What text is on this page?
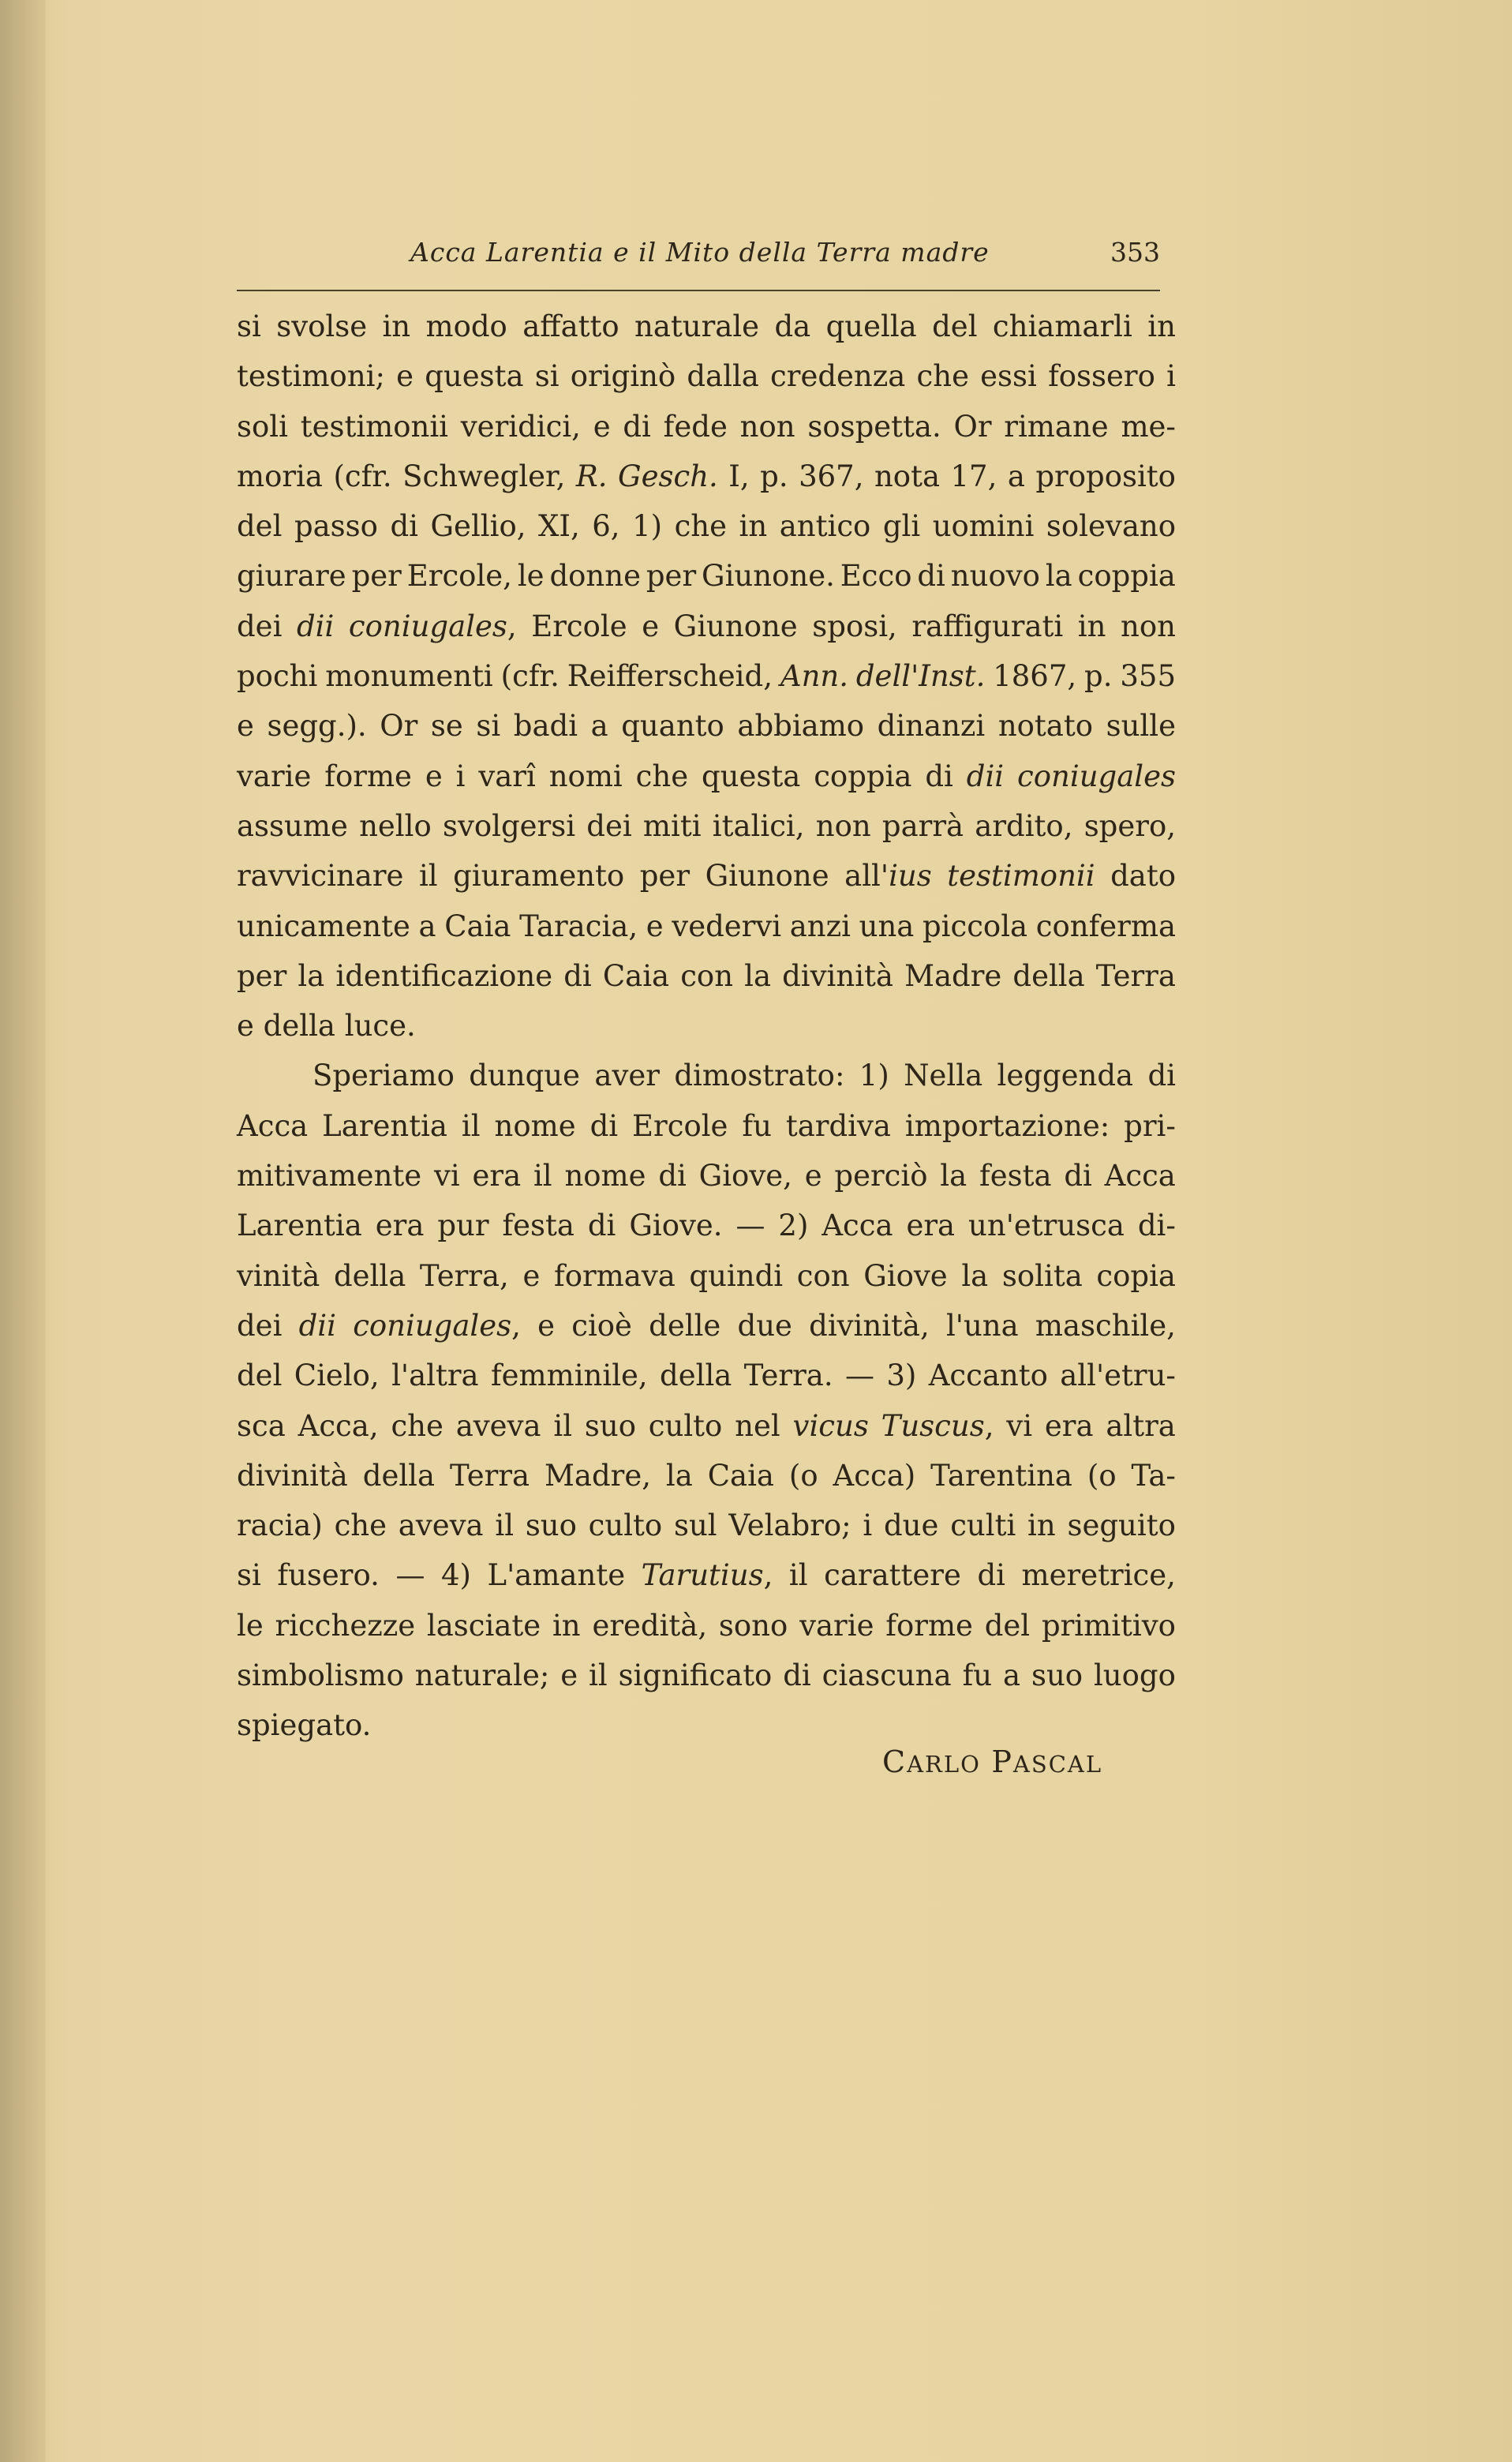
Acca Larentia e il Mito della Terra madre	353
si svolse in modo affatto naturale da quella del chiamarli in
testimoni; e questa si originò dalla credenza che essi fossero i
soli testimonii veridici, e di fede non sospetta. Or rimane me-
moria (cfr. Schwegler, R. Gesch. I, p. 367, nota 17, a proposito
del passo di Gellio, XI, 6, 1) che in antico gli uomini solevano
giurare per Ercole, le donne per Giunone. Ecco di nuovo la coppia
dei dii coniugales, Ercole e Giunone sposi, raffigurati in non
pochi monumenti (cfr. Reifferscheid, Ann. dell'Inst. 1867, p. 355
e segg.). Or se si badi a quanto abbiamo dinanzi notato sulle
varie forme e i varî nomi che questa coppia di dii coniugales
assume nello svolgersi dei miti italici, non parrà ardito, spero,
ravvicinare il giuramento per Giunone all'ius testimonii dato
unicamente a Caia Taracia, e vedervi anzi una piccola conferma
per la identificazione di Caia con la divinità Madre della Terra
e della luce.
Speriamo dunque aver dimostrato: 1) Nella leggenda di
Acca Larentia il nome di Ercole fu tardiva importazione: pri-
mitivamente vi era il nome di Giove, e perciò la festa di Acca
Larentia era pur festa di Giove. — 2) Acca era un'etrusca di-
vinità della Terra, e formava quindi con Giove la solita copia
dei dii coniugales, e cioè delle due divinità, l'una maschile,
del Cielo, l'altra femminile, della Terra. — 3) Accanto all'etru-
sca Acca, che aveva il suo culto nel vicus Tuscus, vi era altra
divinità della Terra Madre, la Caia (o Acca) Tarentina (o Ta-
racia) che aveva il suo culto sul Velabro; i due culti in seguito
si fusero. — 4) L'amante Tarutius, il carattere di meretrice,
le ricchezze lasciate in eredità, sono varie forme del primitivo
simbolismo naturale; e il significato di ciascuna fu a suo luogo
spiegato.
CARLO PASCAL
